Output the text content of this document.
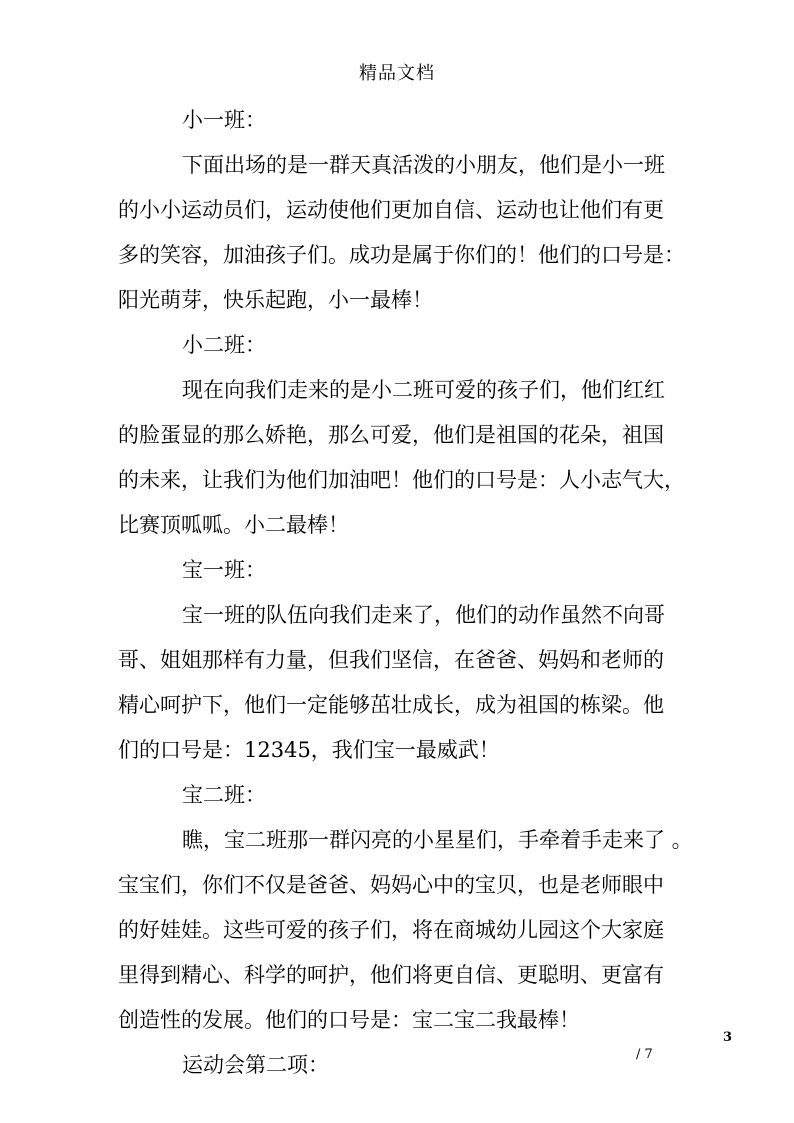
精品文档
小一班：
下面出场的是一群天真活泼的小朋友，他们是小一班
的小小运动员们，运动使他们更加自信、运动也让他们有更
多的笑容，加油孩子们。成功是属于你们的！他们的口号是：
阳光萌芽，快乐起跑，小一最棒！
小二班：
现在向我们走来的是小二班可爱的孩子们，他们红红
的脸蛋显的那么娇艳，那么可爱，他们是祖国的花朵，祖国
的未来，让我们为他们加油吧！他们的口号是：人小志气大，
比赛顶呱呱。小二最棒！
宝一班：
宝一班的队伍向我们走来了，他们的动作虽然不向哥
哥、姐姐那样有力量，但我们坚信，在爸爸、妈妈和老师的
精心呵护下，他们一定能够茁壮成长，成为祖国的栋梁。他
们的口号是：12345，我们宝一最威武！
宝二班：
瞧，宝二班那一群闪亮的小星星们，手牵着手走来了 。
宝宝们，你们不仅是爸爸、妈妈心中的宝贝，也是老师眼中
的好娃娃。这些可爱的孩子们，将在商城幼儿园这个大家庭
里得到精心、科学的呵护，他们将更自信、更聪明、更富有
创造性的发展。他们的口号是：宝二宝二我最棒！
运动会第二项：
3
/ 7
